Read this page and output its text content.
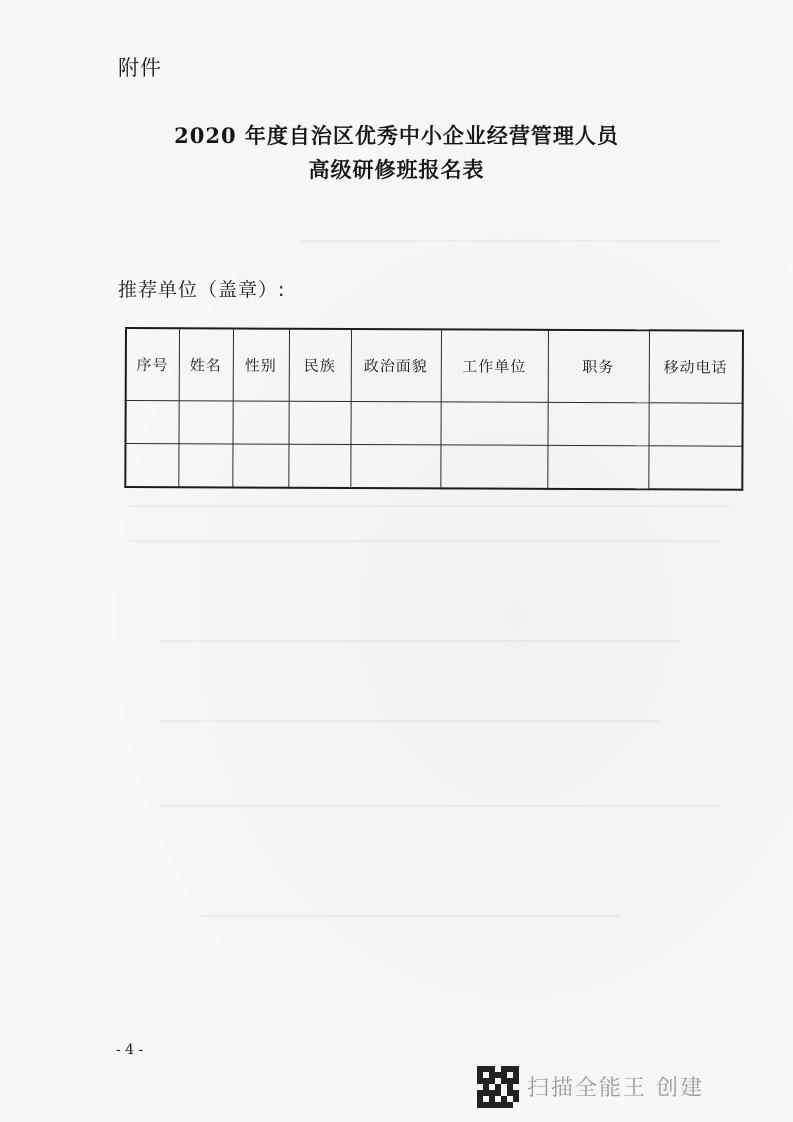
附件
2020 年度自治区优秀中小企业经营管理人员
高级研修班报名表
推荐单位（盖章）:
序号	姓名	性别	民族	政治面貌	工作单位	职务	移动电话

- 4 -
扫描全能王 创建
